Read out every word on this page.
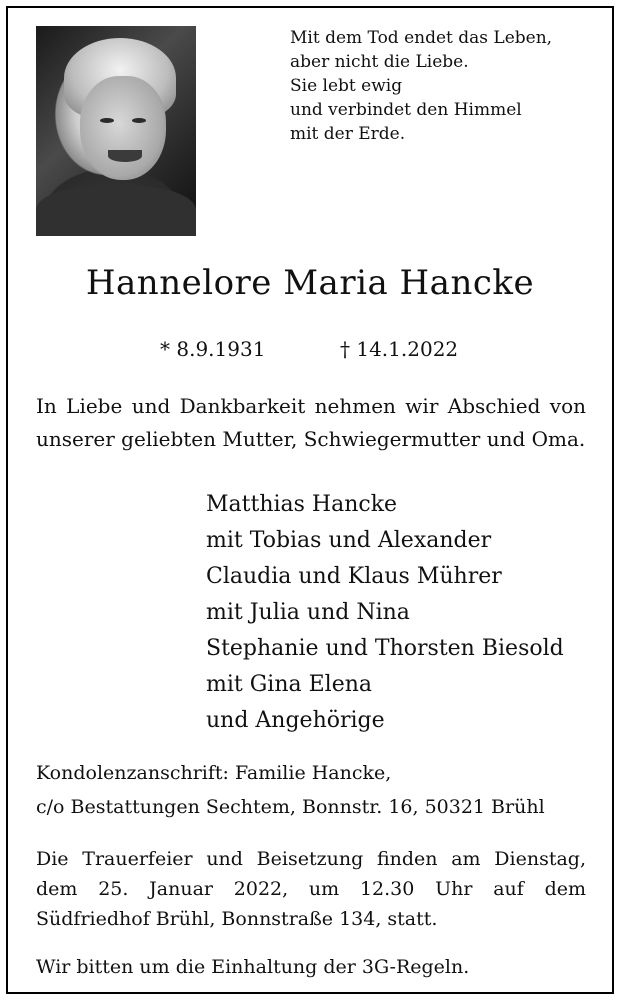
Mit dem Tod endet das Leben,
aber nicht die Liebe.
Sie lebt ewig
und verbindet den Himmel
mit der Erde.
Hannelore Maria Hancke
* 8.9.1931	† 14.1.2022
In Liebe und Dankbarkeit nehmen wir Abschied von unserer geliebten Mutter, Schwiegermutter und Oma.
Matthias Hancke
mit Tobias und Alexander
Claudia und Klaus Mührer
mit Julia und Nina
Stephanie und Thorsten Biesold
mit Gina Elena
und Angehörige
Kondolenzanschrift: Familie Hancke,
c/o Bestattungen Sechtem, Bonnstr. 16, 50321 Brühl
Die Trauerfeier und Beisetzung finden am Dienstag, dem 25. Januar 2022, um 12.30 Uhr auf dem Südfriedhof Brühl, Bonnstraße 134, statt.
Wir bitten um die Einhaltung der 3G-Regeln.
